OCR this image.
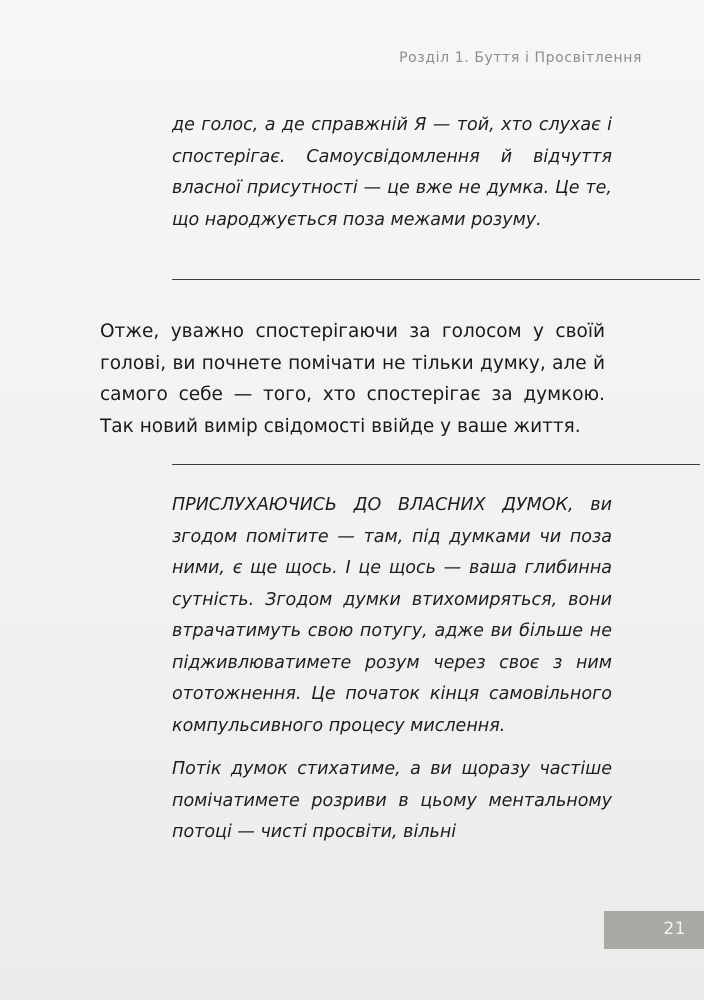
Розділ 1. Буття і Просвітлення

де голос, а де справжній Я — той, хто слухає і спостерігає. Самоусвідомлення й відчуття власної присутності — це вже не думка. Це те, що народжується поза межами розуму.

Отже, уважно спостерігаючи за голосом у своїй голові, ви почнете помічати не тільки думку, але й самого себе — того, хто спостерігає за думкою. Так новий вимір свідомості ввійде у ваше життя.

ПРИСЛУХАЮЧИСЬ ДО ВЛАСНИХ ДУМОК, ви згодом помітите — там, під думками чи поза ними, є ще щось. І це щось — ваша глибинна сутність. Згодом думки втихомиряться, вони втрачатимуть свою потугу, адже ви більше не підживлюватимете розум через своє з ним ототожнення. Це початок кінця самовільного компульсивного процесу мислення.

Потік думок стихатиме, а ви щоразу частіше помічатимете розриви в цьому ментальному потоці — чисті просвіти, вільні

21
